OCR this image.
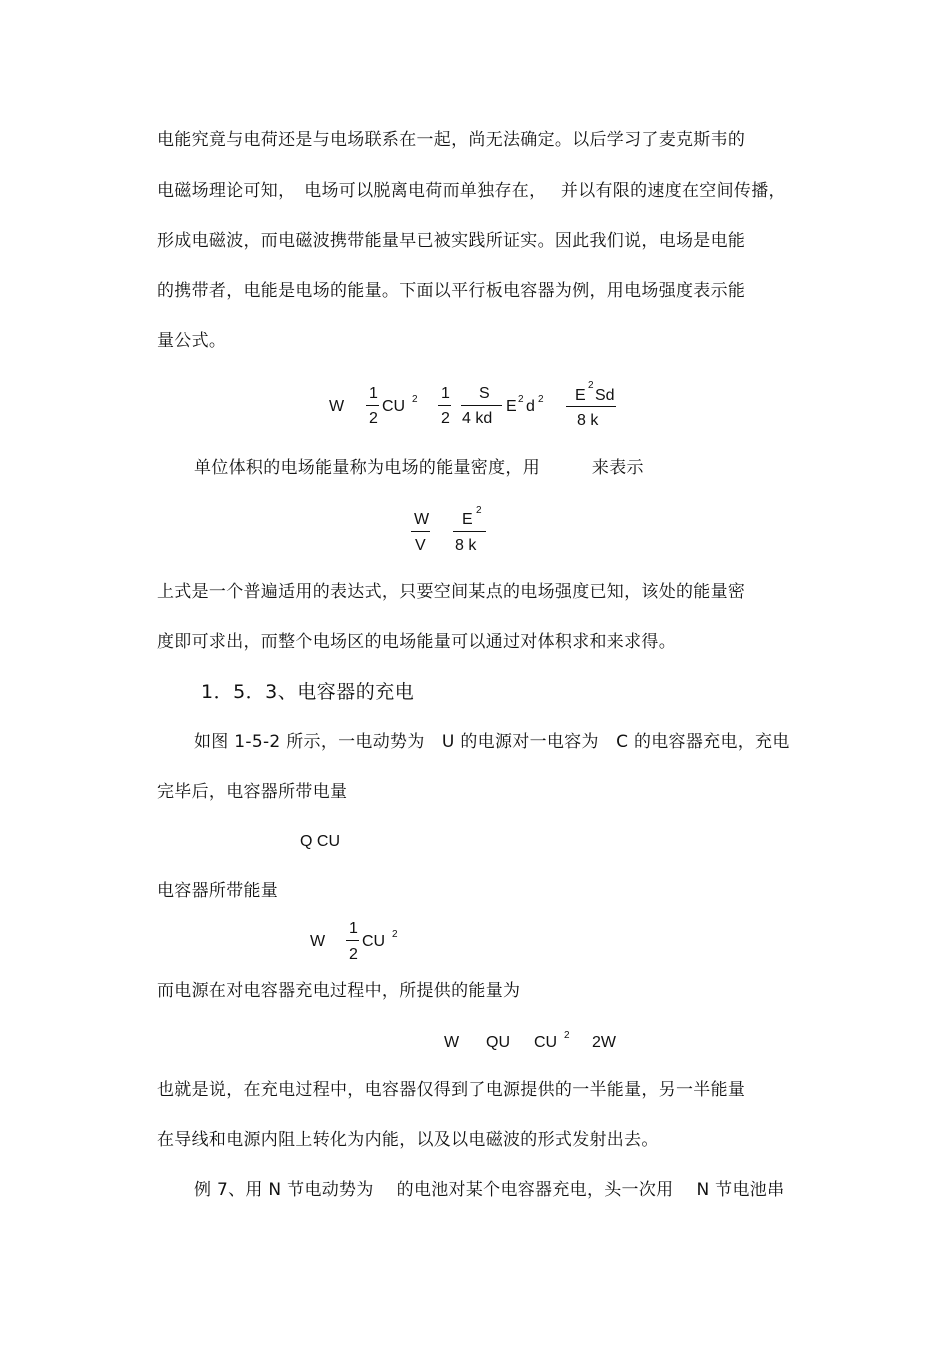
电能究竟与电荷还是与电场联系在一起，尚无法确定。以后学习了麦克斯韦的
电磁场理论可知，　电场可以脱离电荷而单独存在，　 并以有限的速度在空间传播，
形成电磁波，而电磁波携带能量早已被实践所证实。因此我们说，电场是电能
的携带者，电能是电场的能量。下面以平行板电容器为例，用电场强度表示能
量公式。
W
1
2
CU 2 1
2
S
4 kd
E 2 d 2 E
2
Sd
8 k
单位体积的电场能量称为电场的能量密度，用　　　来表示
W
V
E
2
8 k
上式是一个普遍适用的表达式，只要空间某点的电场强度已知，该处的能量密
度即可求出，而整个电场区的电场能量可以通过对体积求和来求得。
1．5．3、电容器的充电
如图 1-5-2 所示，一电动势为　U 的电源对一电容为　C 的电容器充电，充电
完毕后，电容器所带电量
Q CU
电容器所带能量
W
1
2
CU 2
而电源在对电容器充电过程中，所提供的能量为
W QU CU 2 2W
也就是说，在充电过程中，电容器仅得到了电源提供的一半能量，另一半能量
在导线和电源内阻上转化为内能，以及以电磁波的形式发射出去。
例 7、用 N 节电动势为　 的电池对某个电容器充电，头一次用　 N 节电池串
